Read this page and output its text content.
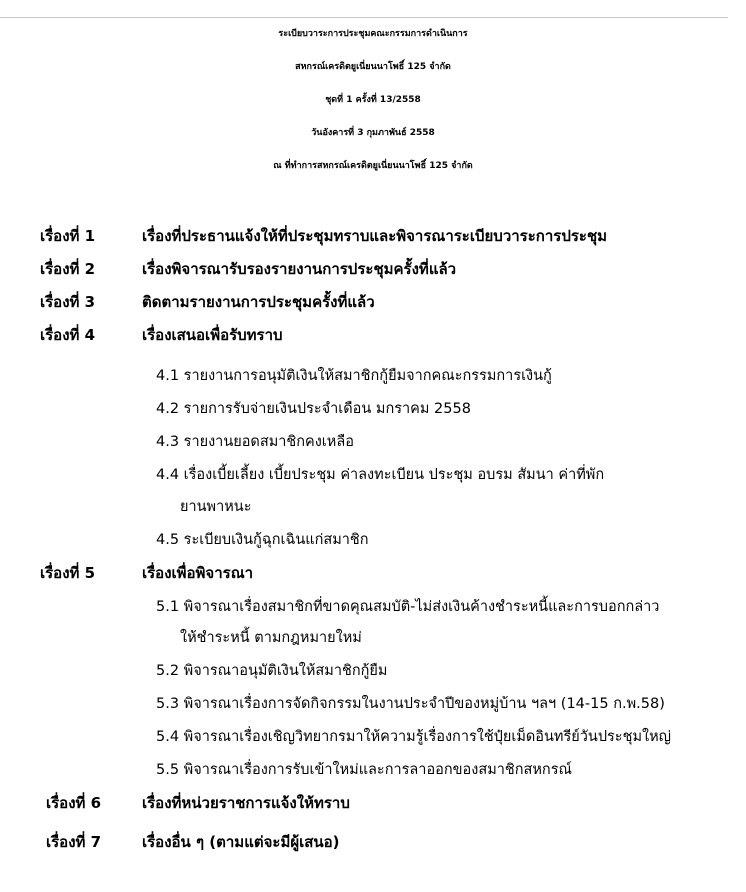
ระเบียบวาระการประชุมคณะกรรมการดำเนินการ
สหกรณ์เครดิตยูเนี่ยนนาโพธิ์ 125 จำกัด
ชุดที่ 1 ครั้งที่ 13/2558
วันอังคารที่ 3 กุมภาพันธ์ 2558
ณ ที่ทำการสหกรณ์เครดิตยูเนี่ยนนาโพธิ์ 125 จำกัด
เรื่องที่ 1	เรื่องที่ประธานแจ้งให้ที่ประชุมทราบและพิจารณาระเบียบวาระการประชุม
เรื่องที่ 2	เรื่องพิจารณารับรองรายงานการประชุมครั้งที่แล้ว
เรื่องที่ 3	ติดตามรายงานการประชุมครั้งที่แล้ว
เรื่องที่ 4	เรื่องเสนอเพื่อรับทราบ
4.1 รายงานการอนุมัติเงินให้สมาชิกกู้ยืมจากคณะกรรมการเงินกู้
4.2 รายการรับจ่ายเงินประจำเดือน มกราคม 2558
4.3 รายงานยอดสมาชิกคงเหลือ
4.4 เรื่องเบี้ยเลี้ยง เบี้ยประชุม ค่าลงทะเบียน ประชุม อบรม สัมนา ค่าที่พัก
ยานพาหนะ
4.5 ระเบียบเงินกู้ฉุกเฉินแก่สมาชิก
เรื่องที่ 5	เรื่องเพื่อพิจารณา
5.1 พิจารณาเรื่องสมาชิกที่ขาดคุณสมบัติ-ไม่ส่งเงินค้างชำระหนี้และการบอกกล่าว
ให้ชำระหนี้ ตามกฎหมายใหม่
5.2 พิจารณาอนุมัติเงินให้สมาชิกกู้ยืม
5.3 พิจารณาเรื่องการจัดกิจกรรมในงานประจำปีของหมู่บ้าน ฯลฯ (14-15 ก.พ.58)
5.4 พิจารณาเรื่องเชิญวิทยากรมาให้ความรู้เรื่องการใช้ปุ๋ยเม็ดอินทรีย์วันประชุมใหญ่
5.5 พิจารณาเรื่องการรับเข้าใหม่และการลาออกของสมาชิกสหกรณ์
เรื่องที่ 6	เรื่องที่หน่วยราชการแจ้งให้ทราบ
เรื่องที่ 7	เรื่องอื่น ๆ (ตามแต่จะมีผู้เสนอ)
